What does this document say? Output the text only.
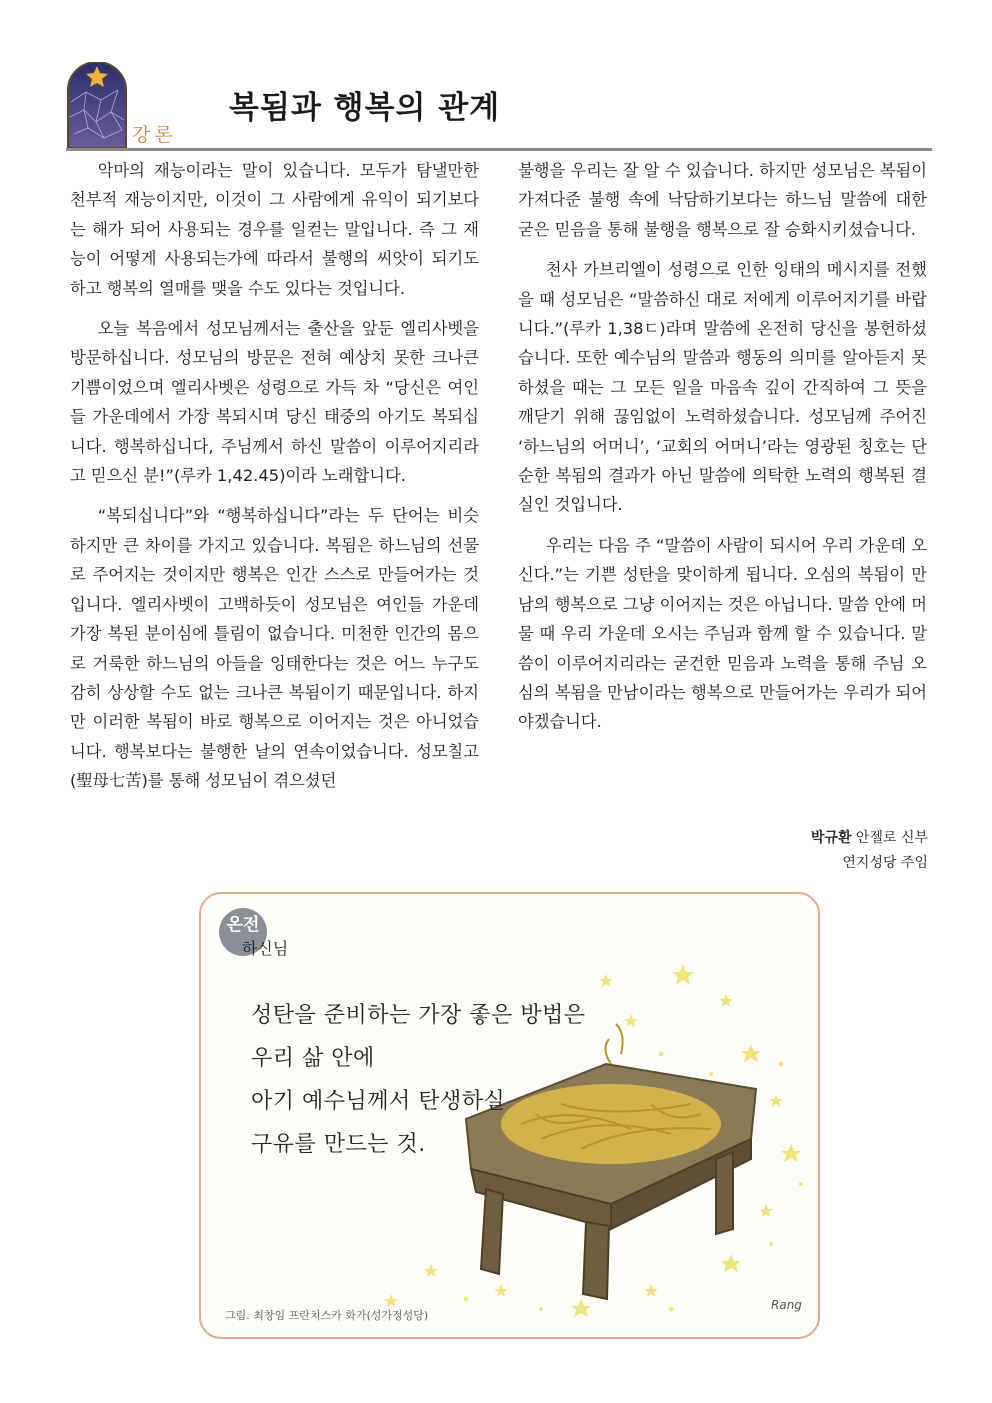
강론
복됨과 행복의 관계

악마의 재능이라는 말이 있습니다. 모두가 탐낼만한 천부적 재능이지만, 이것이 그 사람에게 유익이 되기보다는 해가 되어 사용되는 경우를 일컫는 말입니다. 즉 그 재능이 어떻게 사용되는가에 따라서 불행의 씨앗이 되기도 하고 행복의 열매를 맺을 수도 있다는 것입니다.

오늘 복음에서 성모님께서는 출산을 앞둔 엘리사벳을 방문하십니다. 성모님의 방문은 전혀 예상치 못한 크나큰 기쁨이었으며 엘리사벳은 성령으로 가득 차 “당신은 여인들 가운데에서 가장 복되시며 당신 태중의 아기도 복되십니다. 행복하십니다, 주님께서 하신 말씀이 이루어지리라고 믿으신 분!”(루카 1,42.45)이라 노래합니다.

“복되십니다”와 “행복하십니다”라는 두 단어는 비슷하지만 큰 차이를 가지고 있습니다. 복됨은 하느님의 선물로 주어지는 것이지만 행복은 인간 스스로 만들어가는 것입니다. 엘리사벳이 고백하듯이 성모님은 여인들 가운데 가장 복된 분이심에 틀림이 없습니다. 미천한 인간의 몸으로 거룩한 하느님의 아들을 잉태한다는 것은 어느 누구도 감히 상상할 수도 없는 크나큰 복됨이기 때문입니다. 하지만 이러한 복됨이 바로 행복으로 이어지는 것은 아니었습니다. 행복보다는 불행한 날의 연속이었습니다. 성모칠고(聖母七苦)를 통해 성모님이 겪으셨던

불행을 우리는 잘 알 수 있습니다. 하지만 성모님은 복됨이 가져다준 불행 속에 낙담하기보다는 하느님 말씀에 대한 굳은 믿음을 통해 불행을 행복으로 잘 승화시키셨습니다.

천사 가브리엘이 성령으로 인한 잉태의 메시지를 전했을 때 성모님은 “말씀하신 대로 저에게 이루어지기를 바랍니다.”(루카 1,38ㄷ)라며 말씀에 온전히 당신을 봉헌하셨습니다. 또한 예수님의 말씀과 행동의 의미를 알아듣지 못하셨을 때는 그 모든 일을 마음속 깊이 간직하여 그 뜻을 깨닫기 위해 끊임없이 노력하셨습니다. 성모님께 주어진 ‘하느님의 어머니’, ‘교회의 어머니’라는 영광된 칭호는 단순한 복됨의 결과가 아닌 말씀에 의탁한 노력의 행복된 결실인 것입니다.

우리는 다음 주 “말씀이 사람이 되시어 우리 가운데 오신다.”는 기쁜 성탄을 맞이하게 됩니다. 오심의 복됨이 만남의 행복으로 그냥 이어지는 것은 아닙니다. 말씀 안에 머물 때 우리 가운데 오시는 주님과 함께 할 수 있습니다. 말씀이 이루어지리라는 굳건한 믿음과 노력을 통해 주님 오심의 복됨을 만남이라는 행복으로 만들어가는 우리가 되어야겠습니다.

박규환 안젤로 신부
연지성당 주임
온전
하신님
Rang
성탄을 준비하는 가장 좋은 방법은
우리 삶 안에
아기 예수님께서 탄생하실
구유를 만드는 것.
그림. 최창임 프란치스카 화가(성가정성당)
